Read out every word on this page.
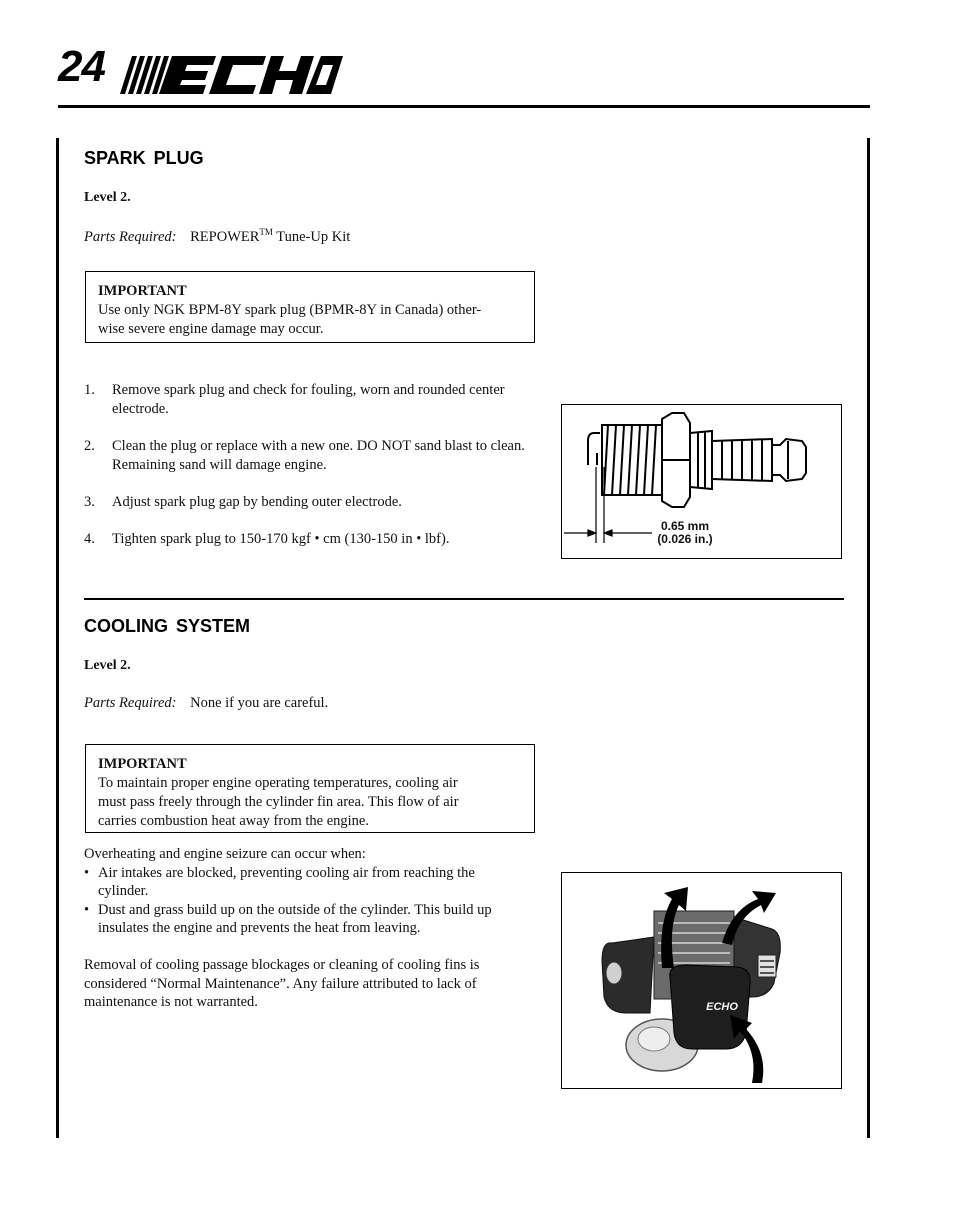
24	®
SPARK PLUG
Level 2.
Parts Required: REPOWER™ Tune-Up Kit
IMPORTANT
Use only NGK BPM-8Y spark plug (BPMR-8Y in Canada) other-
wise severe engine damage may occur.
1. Remove spark plug and check for fouling, worn and rounded center electrode.
2. Clean the plug or replace with a new one. DO NOT sand blast to clean. Remaining sand will damage engine.
3. Adjust spark plug gap by bending outer electrode.
4. Tighten spark plug to 150-170 kgf • cm (130-150 in • lbf).
0.65 mm
(0.026 in.)
COOLING SYSTEM
Level 2.
Parts Required: None if you are careful.
IMPORTANT
To maintain proper engine operating temperatures, cooling air
must pass freely through the cylinder fin area. This flow of air
carries combustion heat away from the engine.
Overheating and engine seizure can occur when:
• Air intakes are blocked, preventing cooling air from reaching the cylinder.
• Dust and grass build up on the outside of the cylinder. This build up insulates the engine and prevents the heat from leaving.
Removal of cooling passage blockages or cleaning of cooling fins is considered “Normal Maintenance”. Any failure attributed to lack of maintenance is not warranted.	ECHO
